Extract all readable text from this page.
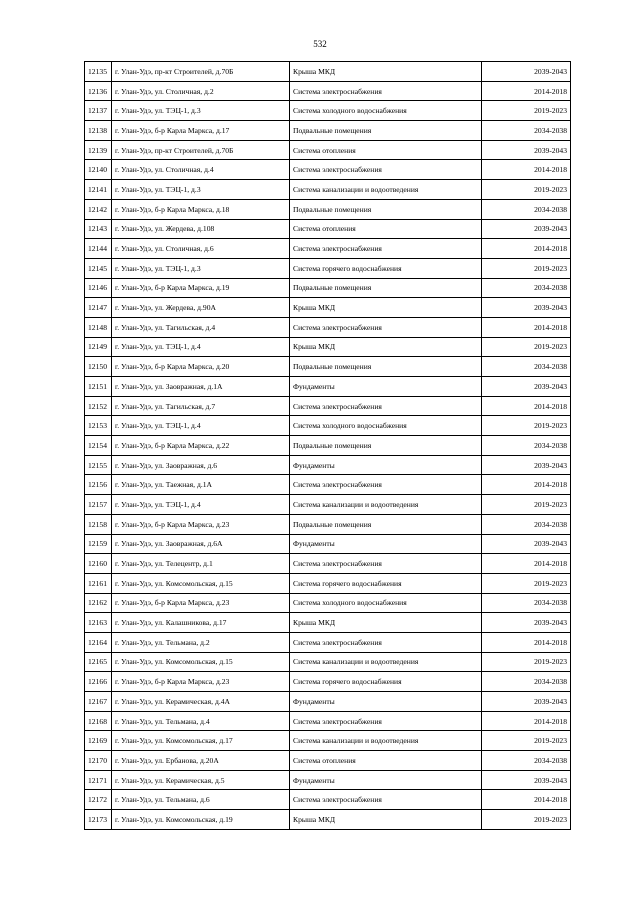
532
12135	г. Улан-Удэ, пр-кт Строителей, д.70Б	Крыша МКД	2039-2043
12136	г. Улан-Удэ, ул. Столичная, д.2	Система электроснабжения	2014-2018
12137	г. Улан-Удэ, ул. ТЭЦ-1, д.3	Система холодного водоснабжения	2019-2023
12138	г. Улан-Удэ, б-р Карла Маркса, д.17	Подвальные помещения	2034-2038
12139	г. Улан-Удэ, пр-кт Строителей, д.70Б	Система отопления	2039-2043
12140	г. Улан-Удэ, ул. Столичная, д.4	Система электроснабжения	2014-2018
12141	г. Улан-Удэ, ул. ТЭЦ-1, д.3	Система канализации и водоотведения	2019-2023
12142	г. Улан-Удэ, б-р Карла Маркса, д.18	Подвальные помещения	2034-2038
12143	г. Улан-Удэ, ул. Жердева, д.108	Система отопления	2039-2043
12144	г. Улан-Удэ, ул. Столичная, д.6	Система электроснабжения	2014-2018
12145	г. Улан-Удэ, ул. ТЭЦ-1, д.3	Система горячего водоснабжения	2019-2023
12146	г. Улан-Удэ, б-р Карла Маркса, д.19	Подвальные помещения	2034-2038
12147	г. Улан-Удэ, ул. Жердева, д.90А	Крыша МКД	2039-2043
12148	г. Улан-Удэ, ул. Тагильская, д.4	Система электроснабжения	2014-2018
12149	г. Улан-Удэ, ул. ТЭЦ-1, д.4	Крыша МКД	2019-2023
12150	г. Улан-Удэ, б-р Карла Маркса, д.20	Подвальные помещения	2034-2038
12151	г. Улан-Удэ, ул. Заовражная, д.1А	Фундаменты	2039-2043
12152	г. Улан-Удэ, ул. Тагильская, д.7	Система электроснабжения	2014-2018
12153	г. Улан-Удэ, ул. ТЭЦ-1, д.4	Система холодного водоснабжения	2019-2023
12154	г. Улан-Удэ, б-р Карла Маркса, д.22	Подвальные помещения	2034-2038
12155	г. Улан-Удэ, ул. Заовражная, д.6	Фундаменты	2039-2043
12156	г. Улан-Удэ, ул. Таежная, д.1А	Система электроснабжения	2014-2018
12157	г. Улан-Удэ, ул. ТЭЦ-1, д.4	Система канализации и водоотведения	2019-2023
12158	г. Улан-Удэ, б-р Карла Маркса, д.23	Подвальные помещения	2034-2038
12159	г. Улан-Удэ, ул. Заовражная, д.6А	Фундаменты	2039-2043
12160	г. Улан-Удэ, ул. Телецентр, д.1	Система электроснабжения	2014-2018
12161	г. Улан-Удэ, ул. Комсомольская, д.15	Система горячего водоснабжения	2019-2023
12162	г. Улан-Удэ, б-р Карла Маркса, д.23	Система холодного водоснабжения	2034-2038
12163	г. Улан-Удэ, ул. Калашникова, д.17	Крыша МКД	2039-2043
12164	г. Улан-Удэ, ул. Тельмана, д.2	Система электроснабжения	2014-2018
12165	г. Улан-Удэ, ул. Комсомольская, д.15	Система канализации и водоотведения	2019-2023
12166	г. Улан-Удэ, б-р Карла Маркса, д.23	Система горячего водоснабжения	2034-2038
12167	г. Улан-Удэ, ул. Керамическая, д.4А	Фундаменты	2039-2043
12168	г. Улан-Удэ, ул. Тельмана, д.4	Система электроснабжения	2014-2018
12169	г. Улан-Удэ, ул. Комсомольская, д.17	Система канализации и водоотведения	2019-2023
12170	г. Улан-Удэ, ул. Ербанова, д.20А	Система отопления	2034-2038
12171	г. Улан-Удэ, ул. Керамическая, д.5	Фундаменты	2039-2043
12172	г. Улан-Удэ, ул. Тельмана, д.6	Система электроснабжения	2014-2018
12173	г. Улан-Удэ, ул. Комсомольская, д.19	Крыша МКД	2019-2023
